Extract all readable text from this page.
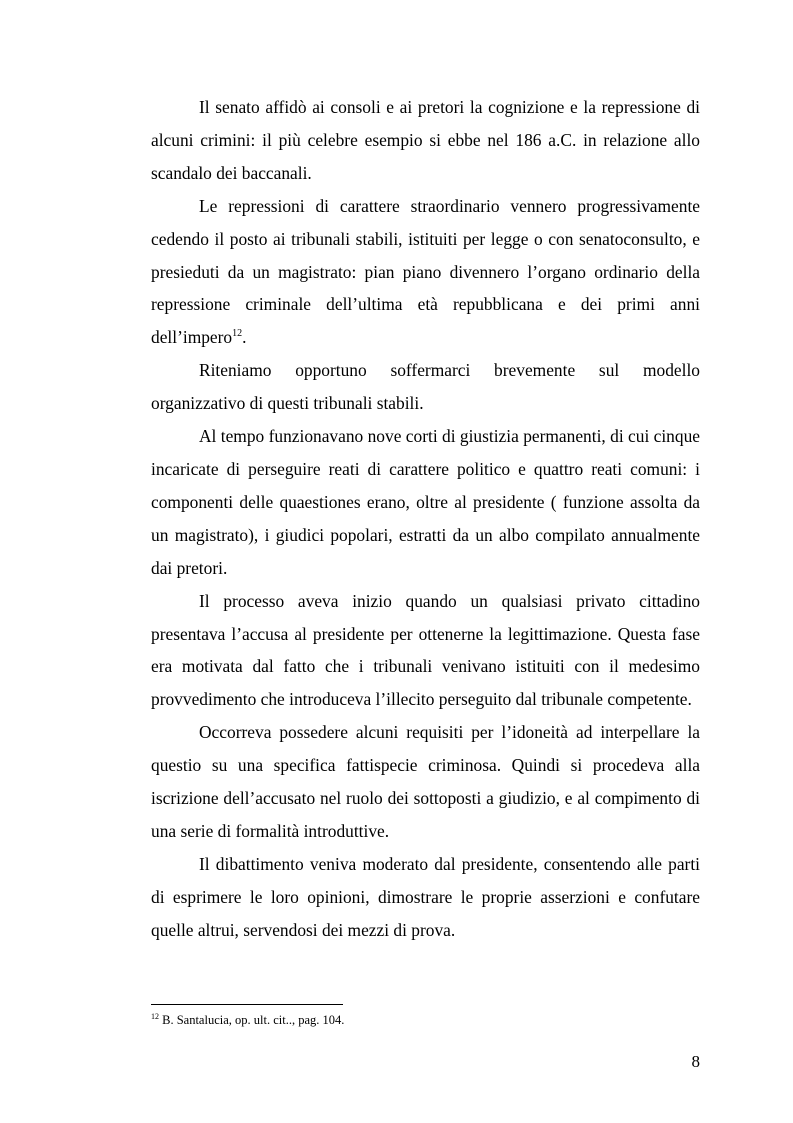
Il senato affidò ai consoli e ai pretori la cognizione e la repressione di alcuni crimini: il più celebre esempio si ebbe nel 186 a.C. in relazione allo scandalo dei baccanali.

Le repressioni di carattere straordinario vennero progressivamente cedendo il posto ai tribunali stabili, istituiti per legge o con senatoconsulto, e presieduti da un magistrato: pian piano divennero l’organo ordinario della repressione criminale dell’ultima età repubblicana e dei primi anni dell’impero$^{12}$.

Riteniamo opportuno soffermarci brevemente sul modello organizzativo di questi tribunali stabili.

Al tempo funzionavano nove corti di giustizia permanenti, di cui cinque incaricate di perseguire reati di carattere politico e quattro reati comuni: i componenti delle quaestiones erano, oltre al presidente ( funzione assolta da un magistrato), i giudici popolari, estratti da un albo compilato annualmente dai pretori.

Il processo aveva inizio quando un qualsiasi privato cittadino presentava l’accusa al presidente per ottenerne la legittimazione. Questa fase era motivata dal fatto che i tribunali venivano istituiti con il medesimo provvedimento che introduceva l’illecito perseguito dal tribunale competente.

Occorreva possedere alcuni requisiti per l’idoneità ad interpellare la questio su una specifica fattispecie criminosa. Quindi si procedeva alla iscrizione dell’accusato nel ruolo dei sottoposti a giudizio, e al compimento di una serie di formalità introduttive.

Il dibattimento veniva moderato dal presidente, consentendo alle parti di esprimere le loro opinioni, dimostrare le proprie asserzioni e confutare quelle altrui, servendosi dei mezzi di prova.

$^{12}$ B. Santalucia, op. ult. cit.., pag. 104.
8
